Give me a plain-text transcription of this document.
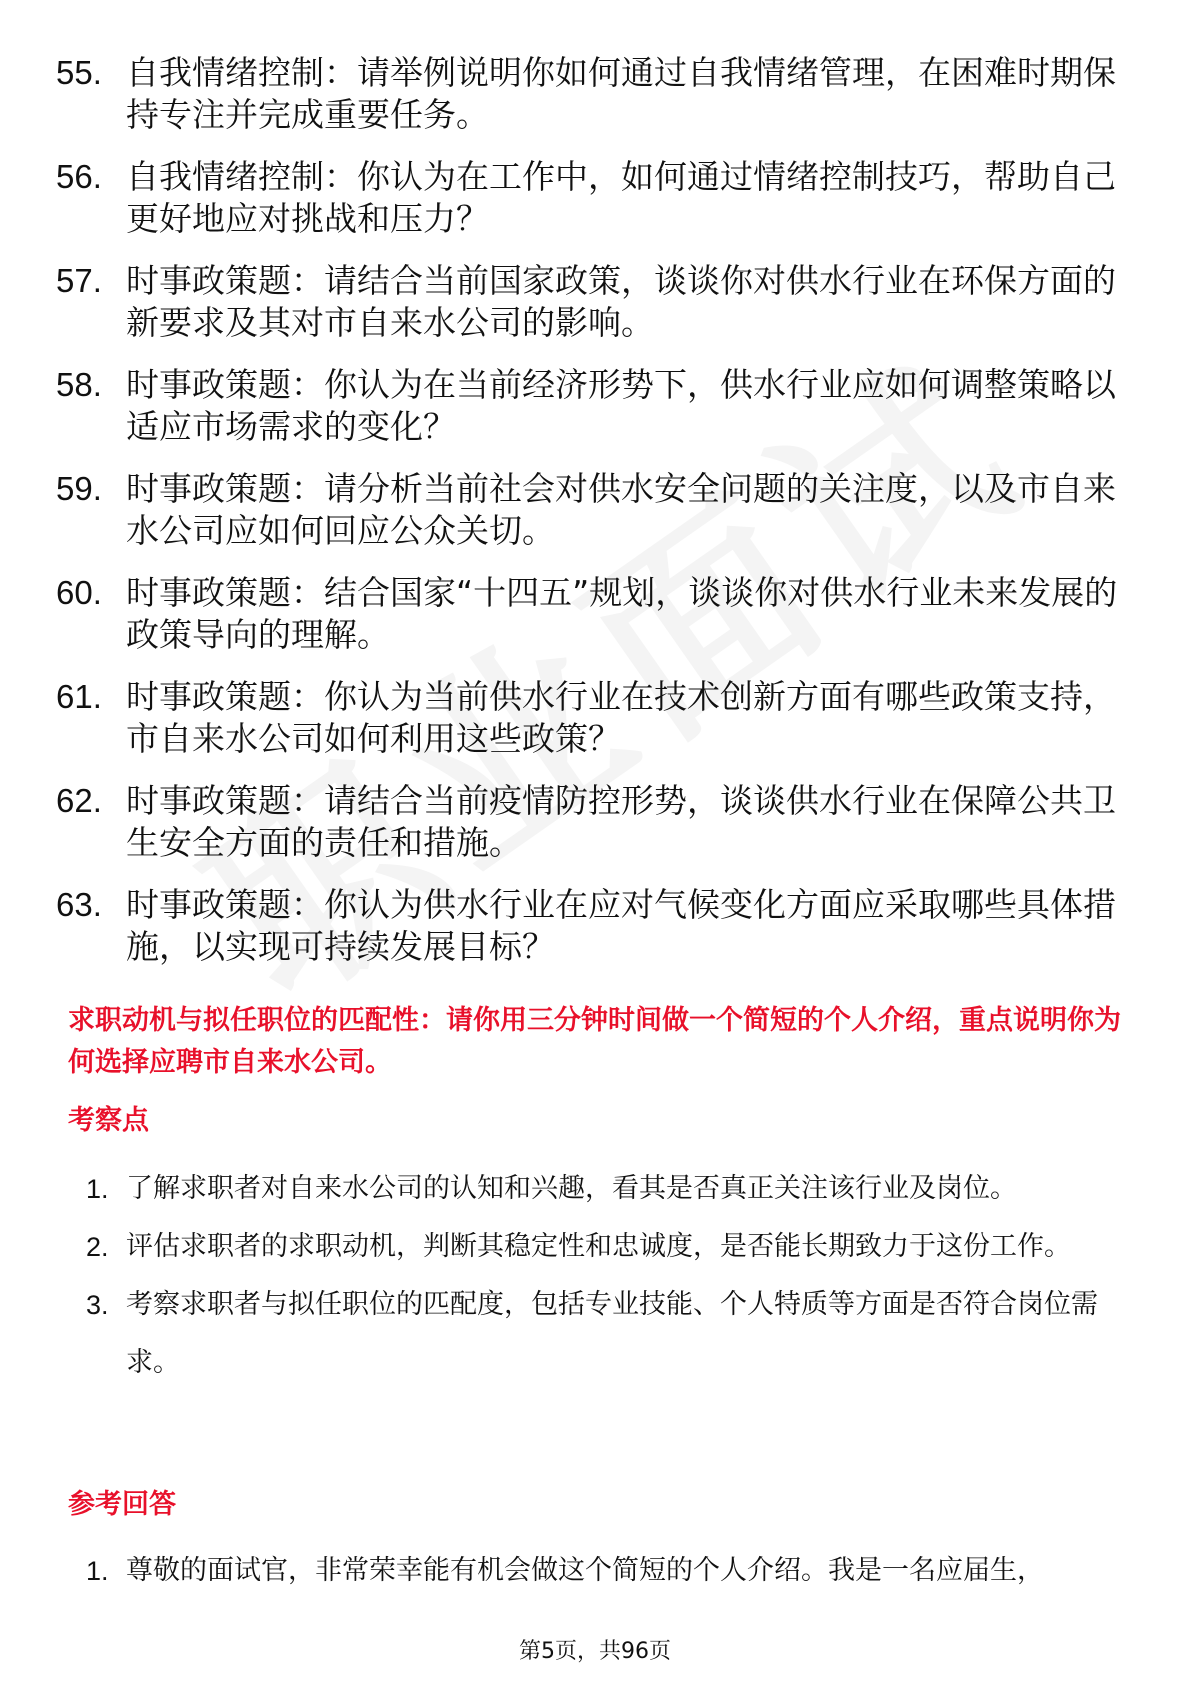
55. 自我情绪控制：请举例说明你如何通过自我情绪管理，在困难时期保持专注并完成重要任务。
56. 自我情绪控制：你认为在工作中，如何通过情绪控制技巧，帮助自己更好地应对挑战和压力？
57. 时事政策题：请结合当前国家政策，谈谈你对供水行业在环保方面的新要求及其对市自来水公司的影响。
58. 时事政策题：你认为在当前经济形势下，供水行业应如何调整策略以适应市场需求的变化？
59. 时事政策题：请分析当前社会对供水安全问题的关注度，以及市自来水公司应如何回应公众关切。
60. 时事政策题：结合国家“十四五”规划，谈谈你对供水行业未来发展的政策导向的理解。
61. 时事政策题：你认为当前供水行业在技术创新方面有哪些政策支持，市自来水公司如何利用这些政策？
62. 时事政策题：请结合当前疫情防控形势，谈谈供水行业在保障公共卫生安全方面的责任和措施。
63. 时事政策题：你认为供水行业在应对气候变化方面应采取哪些具体措施，以实现可持续发展目标？
求职动机与拟任职位的匹配性：请你用三分钟时间做一个简短的个人介绍，重点说明你为何选择应聘市自来水公司。
考察点
1. 了解求职者对自来水公司的认知和兴趣，看其是否真正关注该行业及岗位。
2. 评估求职者的求职动机，判断其稳定性和忠诚度，是否能长期致力于这份工作。
3. 考察求职者与拟任职位的匹配度，包括专业技能、个人特质等方面是否符合岗位需求。
参考回答
1. 尊敬的面试官，非常荣幸能有机会做这个简短的个人介绍。我是一名应届生，
第5页，共96页
